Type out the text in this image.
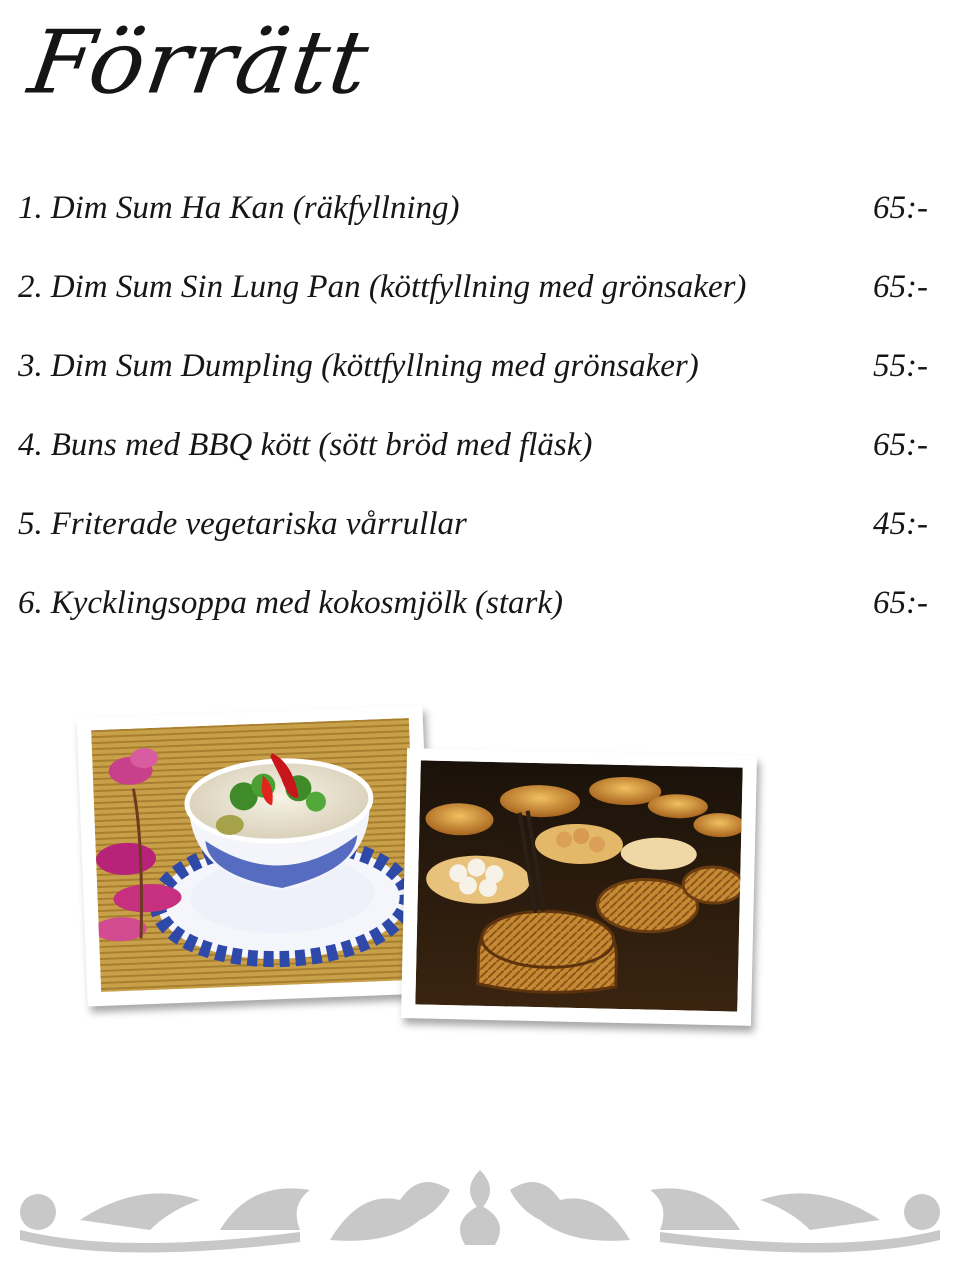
Förrätt
1. Dim Sum Ha Kan (räkfyllning)	65:-
2. Dim Sum Sin Lung Pan (köttfyllning med grönsaker)	65:-
3. Dim Sum Dumpling (köttfyllning med grönsaker)	55:-
4. Buns med BBQ kött (sött bröd med fläsk)	65:-
5. Friterade vegetariska vårrullar	45:-
6. Kycklingsoppa med kokosmjölk (stark)	65:-
